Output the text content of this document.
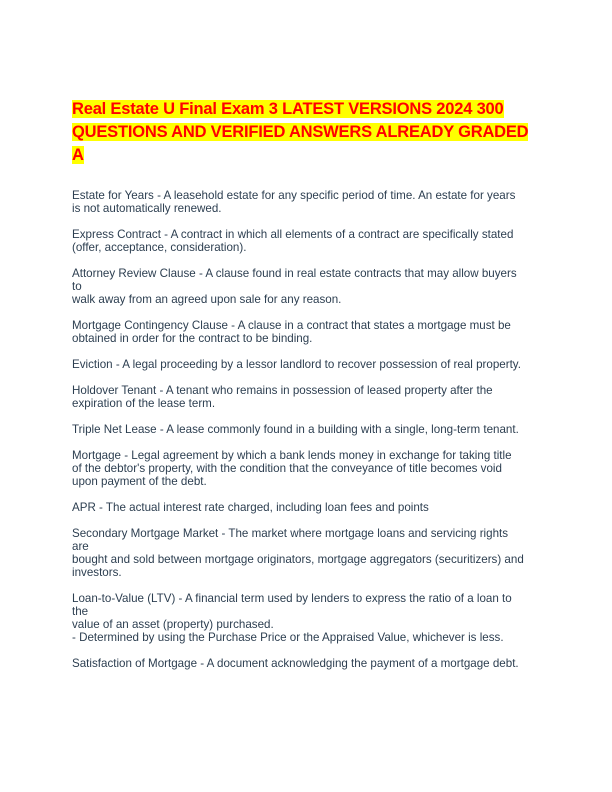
Real Estate U Final Exam 3 LATEST VERSIONS 2024 300
QUESTIONS AND VERIFIED ANSWERS ALREADY GRADED
A

Estate for Years - A leasehold estate for any specific period of time. An estate for years
is not automatically renewed.

Express Contract - A contract in which all elements of a contract are specifically stated
(offer, acceptance, consideration).

Attorney Review Clause - A clause found in real estate contracts that may allow buyers
to
walk away from an agreed upon sale for any reason.

Mortgage Contingency Clause - A clause in a contract that states a mortgage must be
obtained in order for the contract to be binding.

Eviction - A legal proceeding by a lessor landlord to recover possession of real property.

Holdover Tenant - A tenant who remains in possession of leased property after the
expiration of the lease term.

Triple Net Lease - A lease commonly found in a building with a single, long-term tenant.

Mortgage - Legal agreement by which a bank lends money in exchange for taking title
of the debtor's property, with the condition that the conveyance of title becomes void
upon payment of the debt.

APR - The actual interest rate charged, including loan fees and points

Secondary Mortgage Market - The market where mortgage loans and servicing rights
are
bought and sold between mortgage originators, mortgage aggregators (securitizers) and
investors.

Loan-to-Value (LTV) - A financial term used by lenders to express the ratio of a loan to
the
value of an asset (property) purchased.
- Determined by using the Purchase Price or the Appraised Value, whichever is less.

Satisfaction of Mortgage - A document acknowledging the payment of a mortgage debt.
